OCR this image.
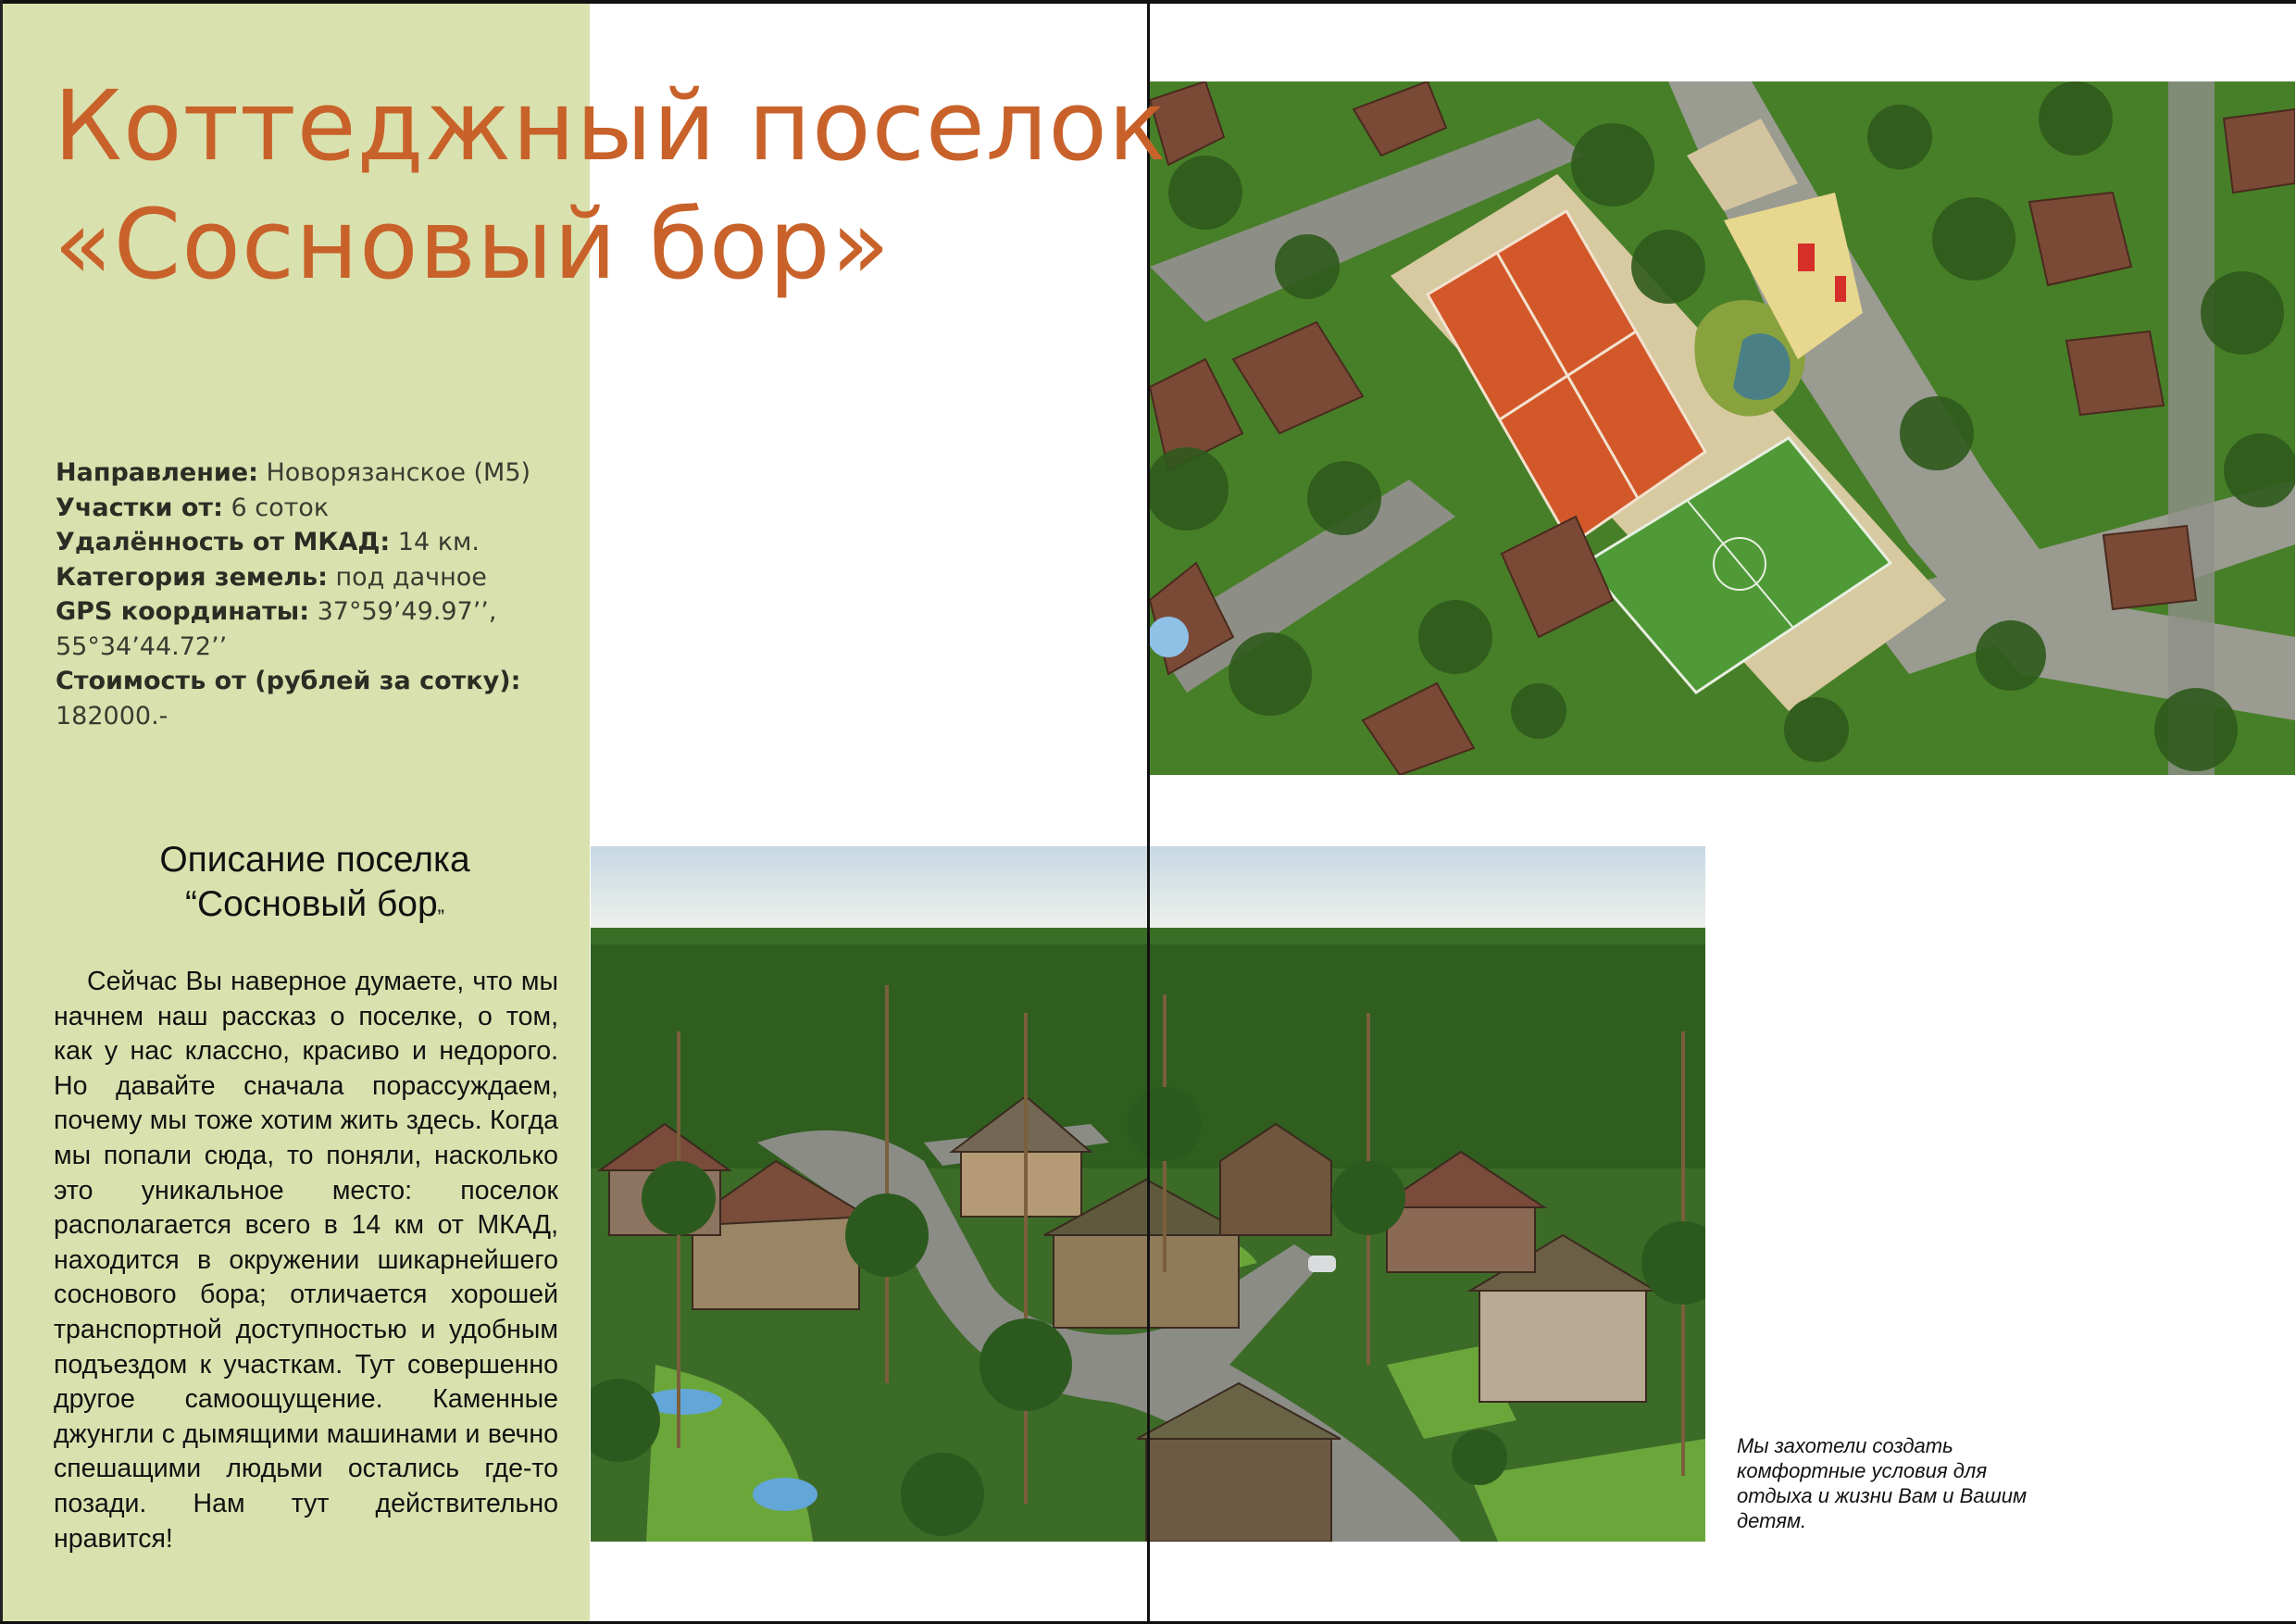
Коттеджный поселок
«Сосновый бор»
Направление: Новорязанское (М5)
Участки от: 6 соток
Удалённость от МКАД: 14 км.
Категория земель: под дачное
GPS координаты: 37°59’49.97’’,
55°34’44.72’’
Стоимость от (рублей за сотку):
182000.-
Описание поселка
“Сосновый бор”

Сейчас Вы наверное думаете, что мы начнем наш рассказ о поселке, о том, как у нас классно, красиво и недорого. Но давайте сначала порассуждаем, почему мы тоже хотим жить здесь. Когда мы попали сюда, то поняли, насколько это уникальное место: поселок располагается всего в 14 км от МКАД, находится в окружении шикарнейшего соснового бора; отличается хорошей транспортной доступностью и удобным подъездом к участкам. Тут совершенно другое самоощущение. Каменные джунгли с дымящими машинами и вечно спешащими людьми остались где-то позади. Нам тут действительно нравится!

Мы захотели создать комфортные условия для отдыха и жизни Вам и Вашим детям.
